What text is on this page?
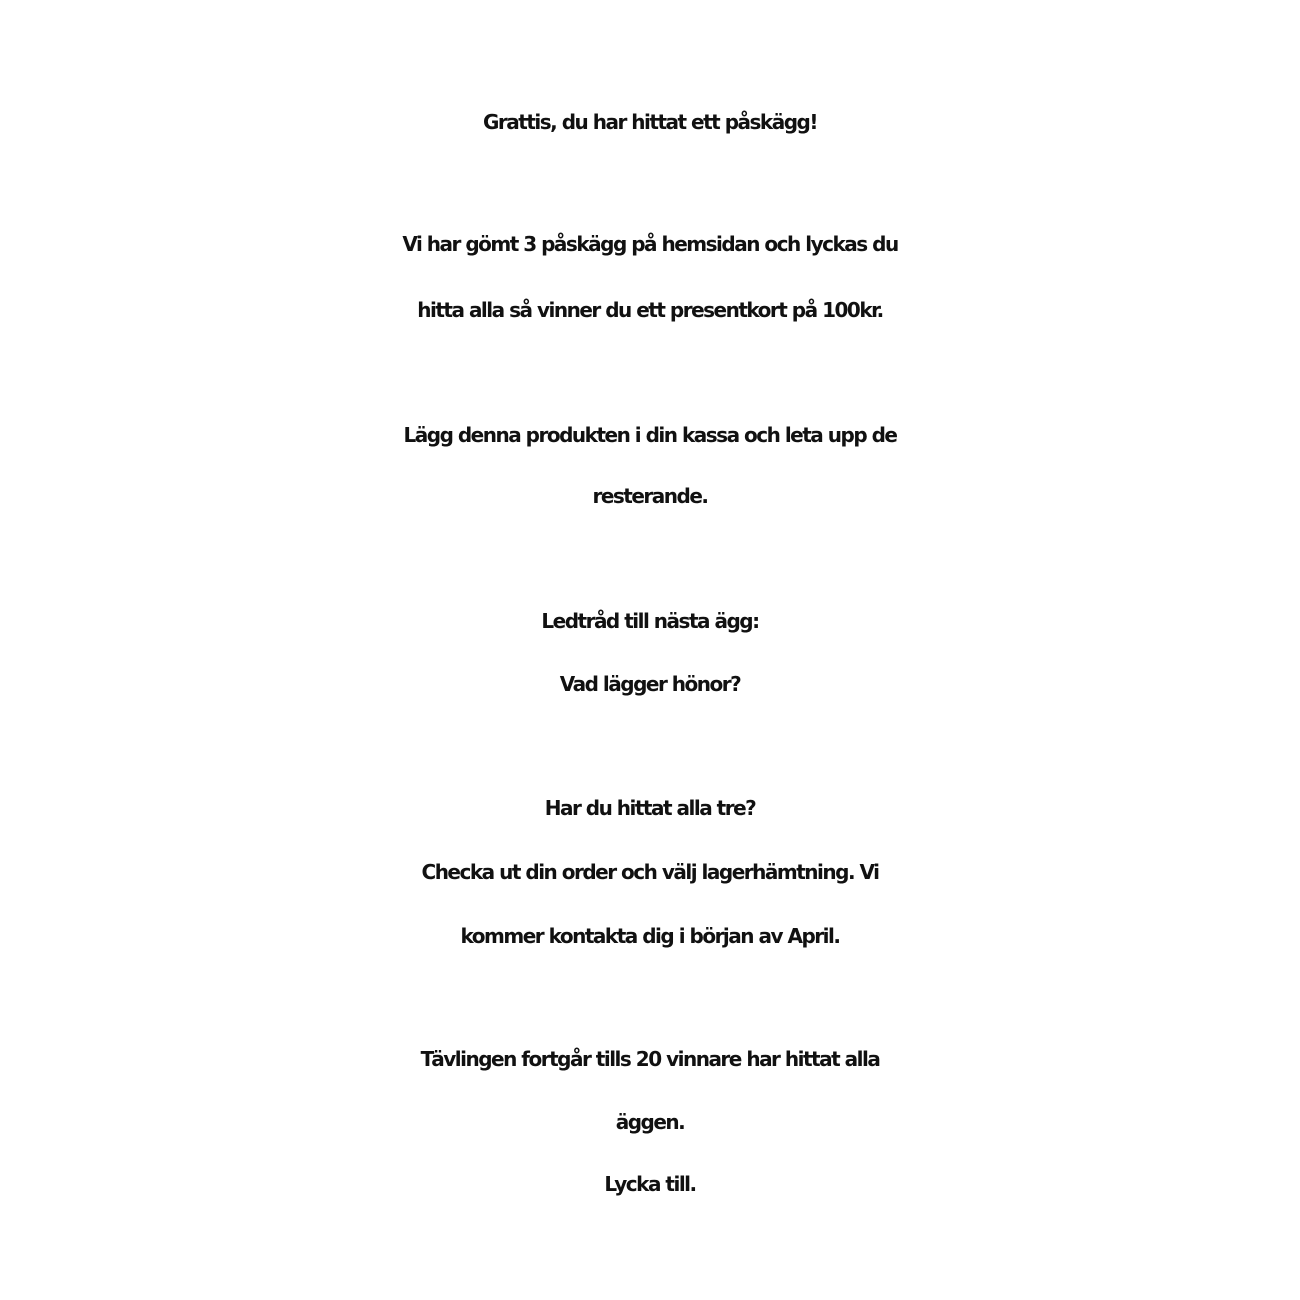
Grattis, du har hittat ett påskägg!

Vi har gömt 3 påskägg på hemsidan och lyckas du

hitta alla så vinner du ett presentkort på 100kr.

Lägg denna produkten i din kassa och leta upp de

resterande.

Ledtråd till nästa ägg:

Vad lägger hönor?

Har du hittat alla tre?

Checka ut din order och välj lagerhämtning. Vi

kommer kontakta dig i början av April.

Tävlingen fortgår tills 20 vinnare har hittat alla

äggen.

Lycka till.
